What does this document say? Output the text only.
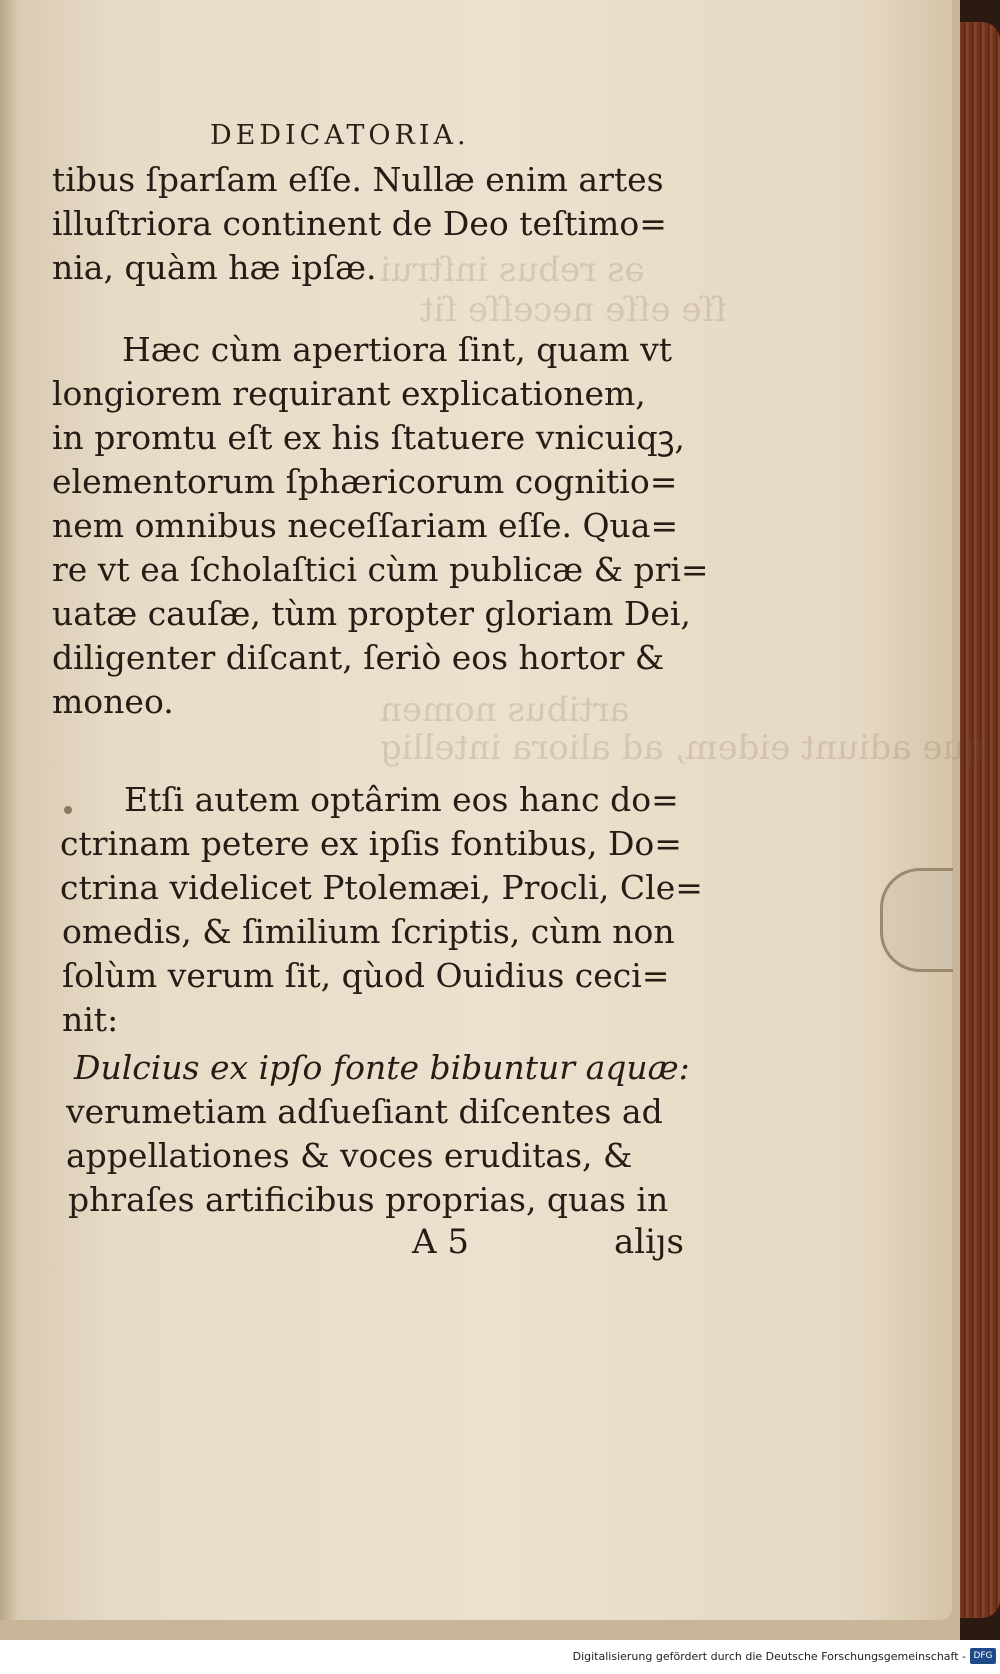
ǝs rebus inſtrui
ſſe eſſe neceſſe ſit
artibus nomen
que adiunt eidem, ad aliora intellig
DEDICATORIA.
tibus ſparſam eſſe. Nullæ enim artes
illuſtriora continent de Deo teſtimo=
nia, quàm hæ ipſæ.
Hæc cùm apertiora ſint, quam vt
longiorem requirant explicationem,
in promtu eſt ex his ſtatuere vnicuiqꝫ,
elementorum ſphæricorum cognitio=
nem omnibus neceſſariam eſſe. Qua=
re vt ea ſcholaſtici cùm publicæ & pri=
uatæ cauſæ, tùm propter gloriam Dei,
diligenter diſcant, ſeriò eos hortor &
moneo.
Etſi autem optârim eos hanc do=
ctrinam petere ex ipſis fontibus, Do=
ctrina videlicet Ptolemæi, Procli, Cle=
omedis, & ſimilium ſcriptis, cùm non
ſolùm verum ſit, qùod Ouidius ceci=
nit:
Dulcius ex ipſo fonte bibuntur aquæ:
verumetiam adſueſiant diſcentes ad
appellationes & voces eruditas, &
phraſes artificibus proprias, quas in
A 5	aliȷs
Digitalisierung gefördert durch die Deutsche Forschungsgemeinschaft - DFG
